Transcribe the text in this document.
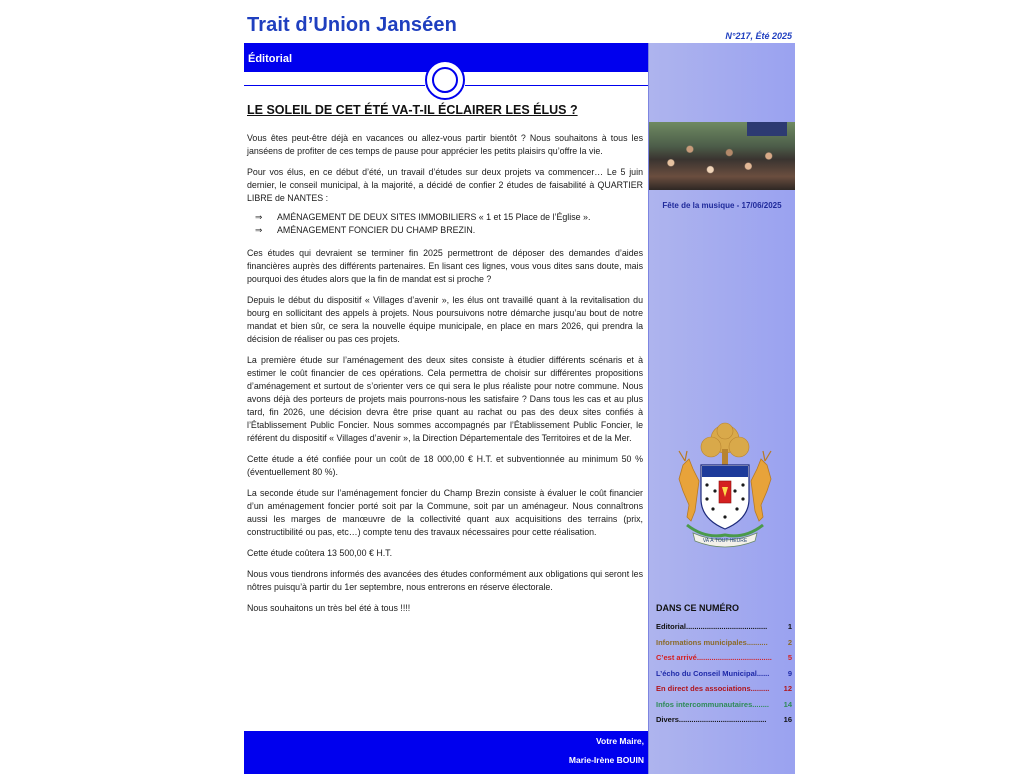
Trait d’Union Janséen	N°217, Été 2025
Éditorial
LE SOLEIL DE CET ÉTÉ VA-T-IL ÉCLAIRER LES ÉLUS ?

Vous êtes peut-être déjà en vacances ou allez-vous partir bientôt ? Nous souhaitons à tous les janséens de profiter de ces temps de pause pour apprécier les petits plaisirs qu’offre la vie.

Pour vos élus, en ce début d’été, un travail d’études sur deux projets va commencer… Le 5 juin dernier, le conseil municipal, à la majorité, a décidé de confier 2 études de faisabilité à QUARTIER LIBRE de NANTES :

⇒ AMÉNAGEMENT DE DEUX SITES IMMOBILIERS « 1 et 15 Place de l’Église ».
⇒ AMÉNAGEMENT FONCIER DU CHAMP BREZIN.

Ces études qui devraient se terminer fin 2025 permettront de déposer des demandes d’aides financières auprès des différents partenaires. En lisant ces lignes, vous vous dites sans doute, mais pourquoi des études alors que la fin de mandat est si proche ?

Depuis le début du dispositif « Villages d’avenir », les élus ont travaillé quant à la revitalisation du bourg en sollicitant des appels à projets. Nous poursuivons notre démarche jusqu’au bout de notre mandat et bien sûr, ce sera la nouvelle équipe municipale, en place en mars 2026, qui prendra la décision de réaliser ou pas ces projets.

La première étude sur l’aménagement des deux sites consiste à étudier différents scénaris et à estimer le coût financier de ces opérations. Cela permettra de choisir sur différentes propositions d’aménagement et surtout de s’orienter vers ce qui sera le plus réaliste pour notre commune. Nous avons déjà des porteurs de projets mais pourrons-nous les satisfaire ? Dans tous les cas et au plus tard, fin 2026, une décision devra être prise quant au rachat ou pas des deux sites confiés à l’Établissement Public Foncier. Nous sommes accompagnés par l’Établissement Public Foncier, le référent du dispositif « Villages d’avenir », la Direction Départementale des Territoires et de la Mer.

Cette étude a été confiée pour un coût de 18 000,00 € H.T. et subventionnée au minimum 50 % (éventuellement 80 %).

La seconde étude sur l’aménagement foncier du Champ Brezin consiste à évaluer le coût financier d’un aménagement foncier porté soit par la Commune, soit par un aménageur. Nous connaîtrons aussi les marges de manœuvre de la collectivité quant aux acquisitions des terrains (prix, constructibilité ou pas, etc…) compte tenu des travaux nécessaires pour cette réalisation.

Cette étude coûtera 13 500,00 € H.T.

Nous vous tiendrons informés des avancées des études conformément aux obligations qui seront les nôtres puisqu’à partir du 1er septembre, nous entrerons en réserve électorale.

Nous souhaitons un très bel été à tous !!!!

Votre Maire,
Marie-Irène BOUIN
Fête de la musique - 17/06/2025
VA À TOUT HEURE
DANS CE NUMÉRO
Editorial.......................................	1
Informations municipales..........	2
C’est arrivé....................................	5
L’écho du Conseil Municipal......	9
En direct des associations.........	12
Infos intercommunautaires........	14
Divers..........................................	16
